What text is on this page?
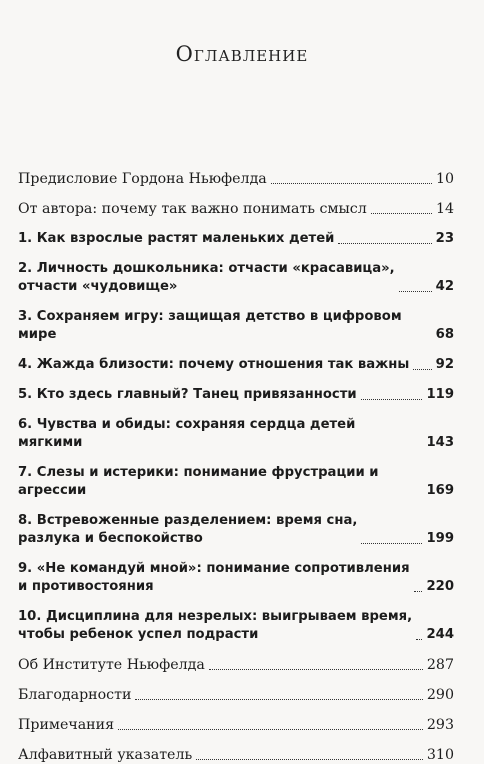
Оглавление
Предисловие Гордона Ньюфелда	10
От автора: почему так важно понимать смысл	14
1. Как взрослые растят маленьких детей	23
2. Личность дошкольника: отчасти «красавица»,
отчасти «чудовище»	42
3. Сохраняем игру: защищая детство в цифровом мире	68
4. Жажда близости: почему отношения так важны 92
5. Кто здесь главный? Танец привязанности	119
6. Чувства и обиды: сохраняя сердца детей мягкими	143
7. Слезы и истерики: понимание фрустрации и агрессии	169
8. Встревоженные разделением: время сна,
разлука и беспокойство	199
9. «Не командуй мной»: понимание сопротивления
и противостояния	220
10. Дисциплина для незрелых: выигрываем время,
чтобы ребенок успел подрасти	244
Об Институте Ньюфелда	287
Благодарности	290
Примечания	293
Алфавитный указатель	310
